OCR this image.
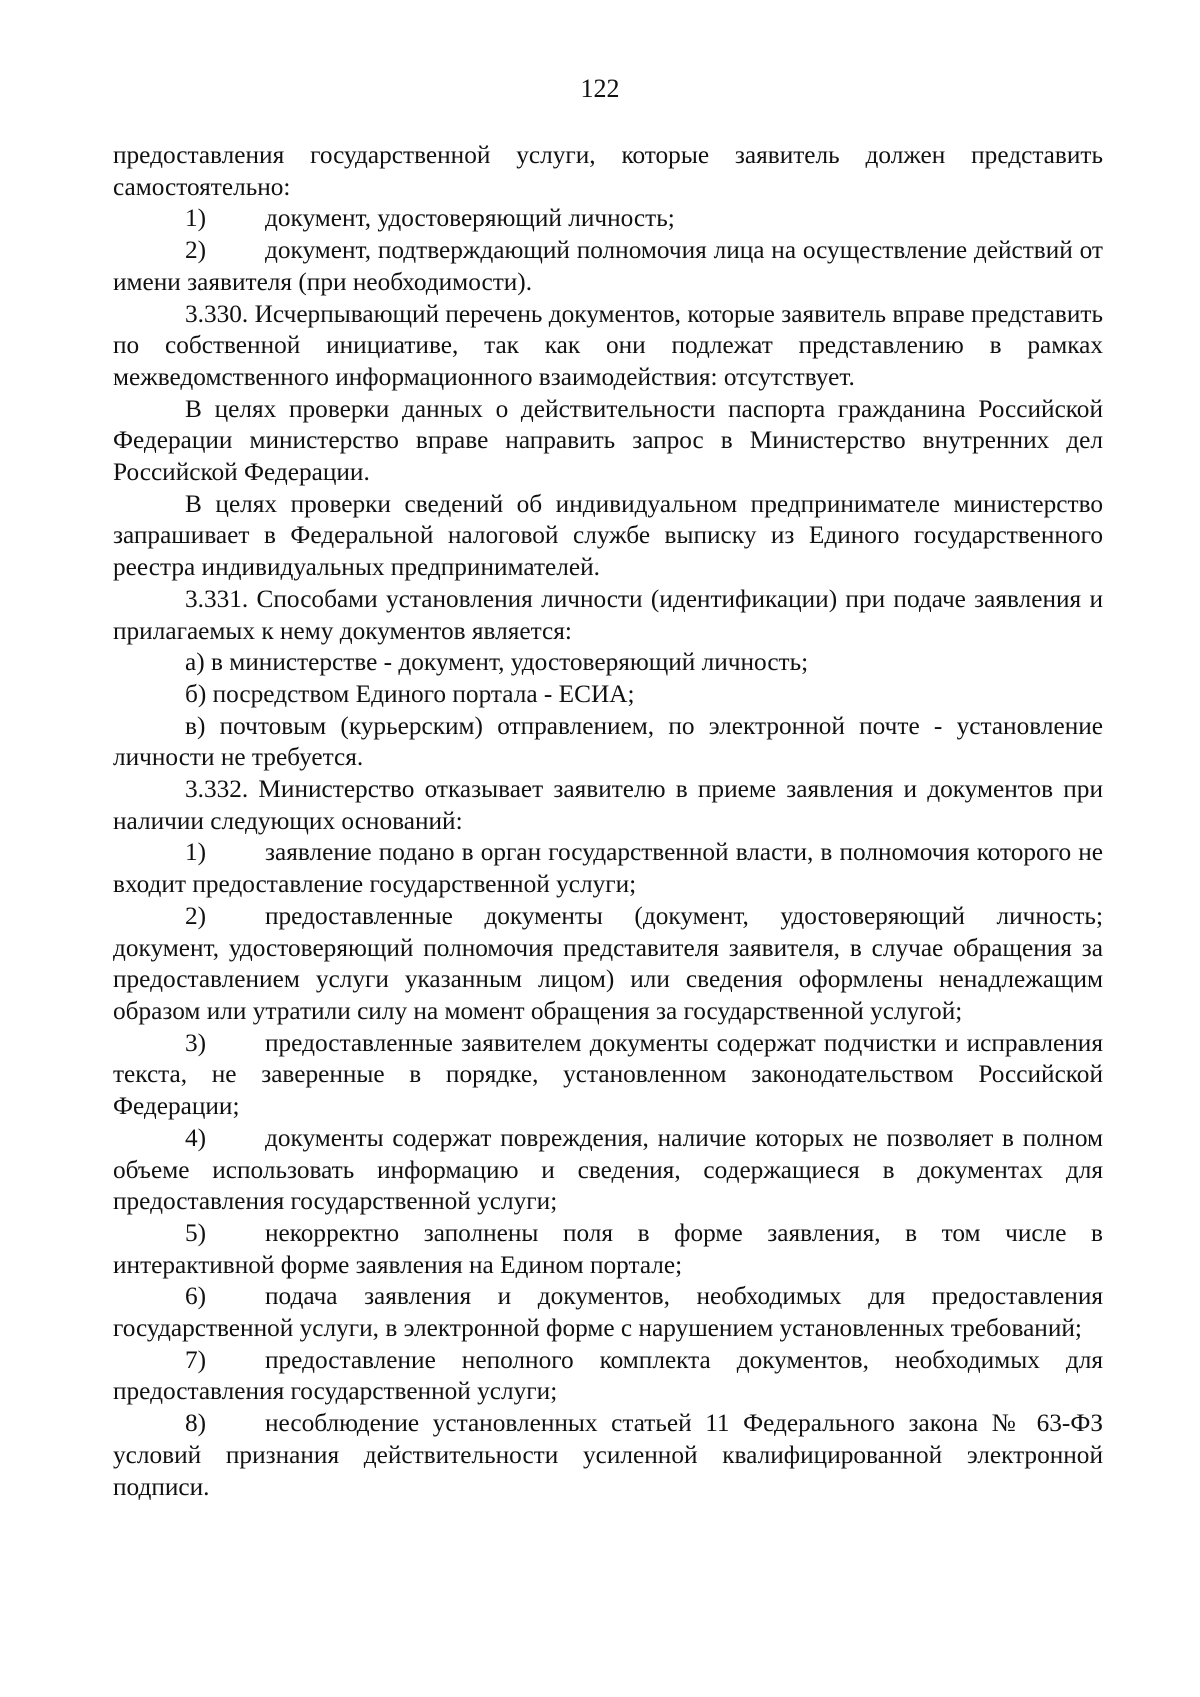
122

предоставления государственной услуги, которые заявитель должен представить самостоятельно:

1) документ, удостоверяющий личность;

2) документ, подтверждающий полномочия лица на осуществление действий от имени заявителя (при необходимости).

3.330. Исчерпывающий перечень документов, которые заявитель вправе представить по собственной инициативе, так как они подлежат представлению в рамках межведомственного информационного взаимодействия: отсутствует.

В целях проверки данных о действительности паспорта гражданина Российской Федерации министерство вправе направить запрос в Министерство внутренних дел Российской Федерации.

В целях проверки сведений об индивидуальном предпринимателе министерство запрашивает в Федеральной налоговой службе выписку из Единого государственного реестра индивидуальных предпринимателей.

3.331. Способами установления личности (идентификации) при подаче заявления и прилагаемых к нему документов является:

а) в министерстве - документ, удостоверяющий личность;

б) посредством Единого портала - ЕСИА;

в) почтовым (курьерским) отправлением, по электронной почте - установление личности не требуется.

3.332. Министерство отказывает заявителю в приеме заявления и документов при наличии следующих оснований:

1) заявление подано в орган государственной власти, в полномочия которого не входит предоставление государственной услуги;

2) предоставленные документы (документ, удостоверяющий личность; документ, удостоверяющий полномочия представителя заявителя, в случае обращения за предоставлением услуги указанным лицом) или сведения оформлены ненадлежащим образом или утратили силу на момент обращения за государственной услугой;

3) предоставленные заявителем документы содержат подчистки и исправления текста, не заверенные в порядке, установленном законодательством Российской Федерации;

4) документы содержат повреждения, наличие которых не позволяет в полном объеме использовать информацию и сведения, содержащиеся в документах для предоставления государственной услуги;

5) некорректно заполнены поля в форме заявления, в том числе в интерактивной форме заявления на Едином портале;

6) подача заявления и документов, необходимых для предоставления государственной услуги, в электронной форме с нарушением установленных требований;

7) предоставление неполного комплекта документов, необходимых для предоставления государственной услуги;

8) несоблюдение установленных статьей 11 Федерального закона № 63-ФЗ условий признания действительности усиленной квалифицированной электронной подписи.
